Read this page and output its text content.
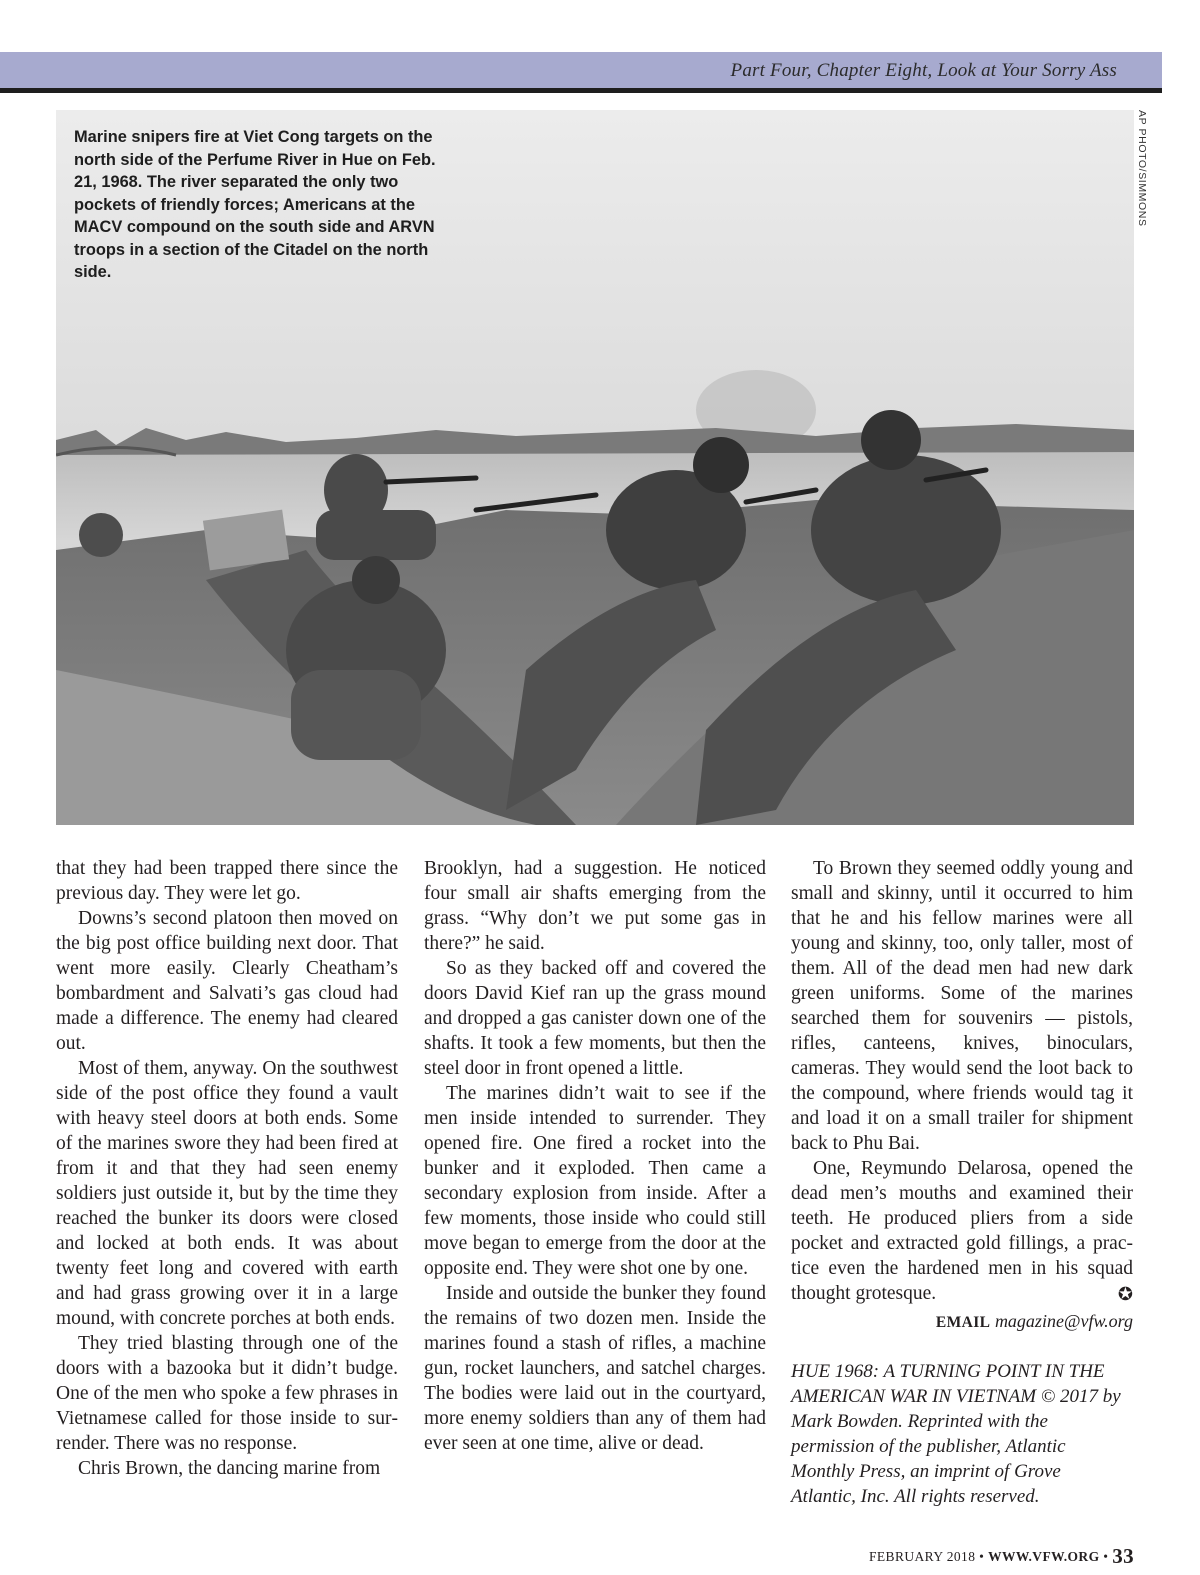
Part Four, Chapter Eight, Look at Your Sorry Ass
Marine snipers fire at Viet Cong targets on the north side of the Perfume River in Hue on Feb. 21, 1968. The river separated the only two pockets of friendly forces; Americans at the MACV compound on the south side and ARVN troops in a section of the Citadel on the north side.
AP PHOTO/SIMMONS

that they had been trapped there since the previous day. They were let go.

Downs’s second platoon then moved on the big post office building next door. That went more easily. Clearly Cheatham’s bombardment and Salvati’s gas cloud had made a difference. The enemy had cleared out.

Most of them, anyway. On the southwest side of the post office they found a vault with heavy steel doors at both ends. Some of the marines swore they had been fired at from it and that they had seen enemy soldiers just outside it, but by the time they reached the bunker its doors were closed and locked at both ends. It was about twenty feet long and covered with earth and had grass growing over it in a large mound, with concrete porches at both ends.

They tried blasting through one of the doors with a bazooka but it didn’t budge. One of the men who spoke a few phrases in Vietnamese called for those inside to surrender. There was no response.

Chris Brown, the dancing marine from

Brooklyn, had a suggestion. He noticed four small air shafts emerging from the grass. “Why don’t we put some gas in there?” he said.

So as they backed off and covered the doors David Kief ran up the grass mound and dropped a gas canister down one of the shafts. It took a few moments, but then the steel door in front opened a little.

The marines didn’t wait to see if the men inside intended to surrender. They opened fire. One fired a rocket into the bunker and it exploded. Then came a secondary explosion from inside. After a few moments, those inside who could still move began to emerge from the door at the opposite end. They were shot one by one.

Inside and outside the bunker they found the remains of two dozen men. Inside the marines found a stash of rifles, a machine gun, rocket launchers, and satchel charges. The bodies were laid out in the courtyard, more enemy soldiers than any of them had ever seen at one time, alive or dead.

To Brown they seemed oddly young and small and skinny, until it occurred to him that he and his fellow marines were all young and skinny, too, only taller, most of them. All of the dead men had new dark green uniforms. Some of the marines searched them for souvenirs — pistols, rifles, canteens, knives, binoculars, cameras. They would send the loot back to the compound, where friends would tag it and load it on a small trailer for shipment back to Phu Bai.

One, Reymundo Delarosa, opened the dead men’s mouths and examined their teeth. He produced pliers from a side pocket and extracted gold fillings, a practice even the hardened men in his squad thought grotesque.	✪

EMAIL magazine@vfw.org
HUE 1968: A TURNING POINT IN THE AMERICAN WAR IN VIETNAM © 2017 by Mark Bowden. Reprinted with the permission of the publisher, Atlantic Monthly Press, an imprint of Grove Atlantic, Inc. All rights reserved.
FEBRUARY 2018 • WWW.VFW.ORG • 33
